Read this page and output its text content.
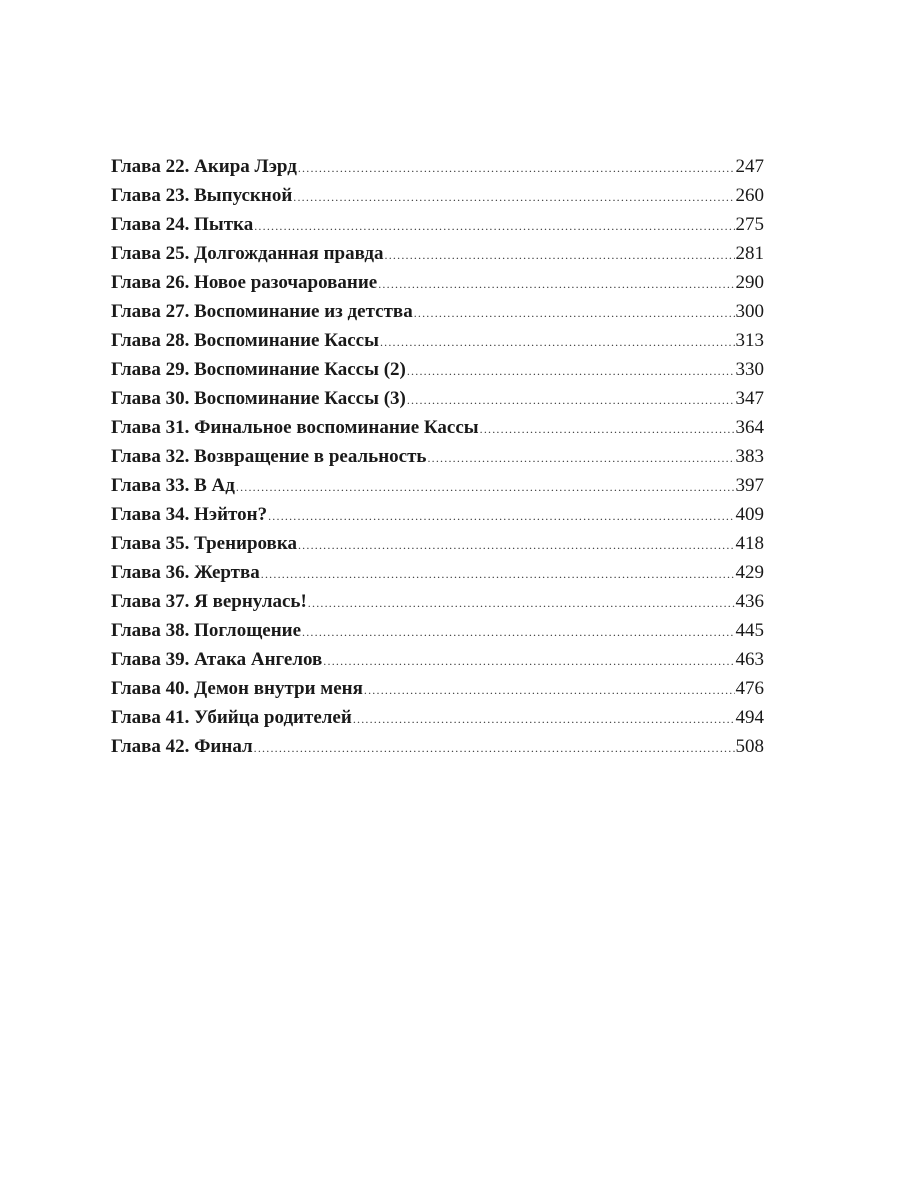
Глава 22. Акира Лэрд .....	247
Глава 23. Выпускной .....	260
Глава 24. Пытка .....	275
Глава 25. Долгожданная правда .....	281
Глава 26. Новое разочарование .....	290
Глава 27. Воспоминание из детства .....	300
Глава 28. Воспоминание Кассы .....	313
Глава 29. Воспоминание Кассы (2) .....	330
Глава 30. Воспоминание Кассы (3) .....	347
Глава 31. Финальное воспоминание Кассы .....	364
Глава 32. Возвращение в реальность .....	383
Глава 33. В Ад .....	397
Глава 34. Нэйтон? .....	409
Глава 35. Тренировка .....	418
Глава 36. Жертва .....	429
Глава 37. Я вернулась! .....	436
Глава 38. Поглощение .....	445
Глава 39. Атака Ангелов .....	463
Глава 40. Демон внутри меня .....	476
Глава 41. Убийца родителей .....	494
Глава 42. Финал .....	508
